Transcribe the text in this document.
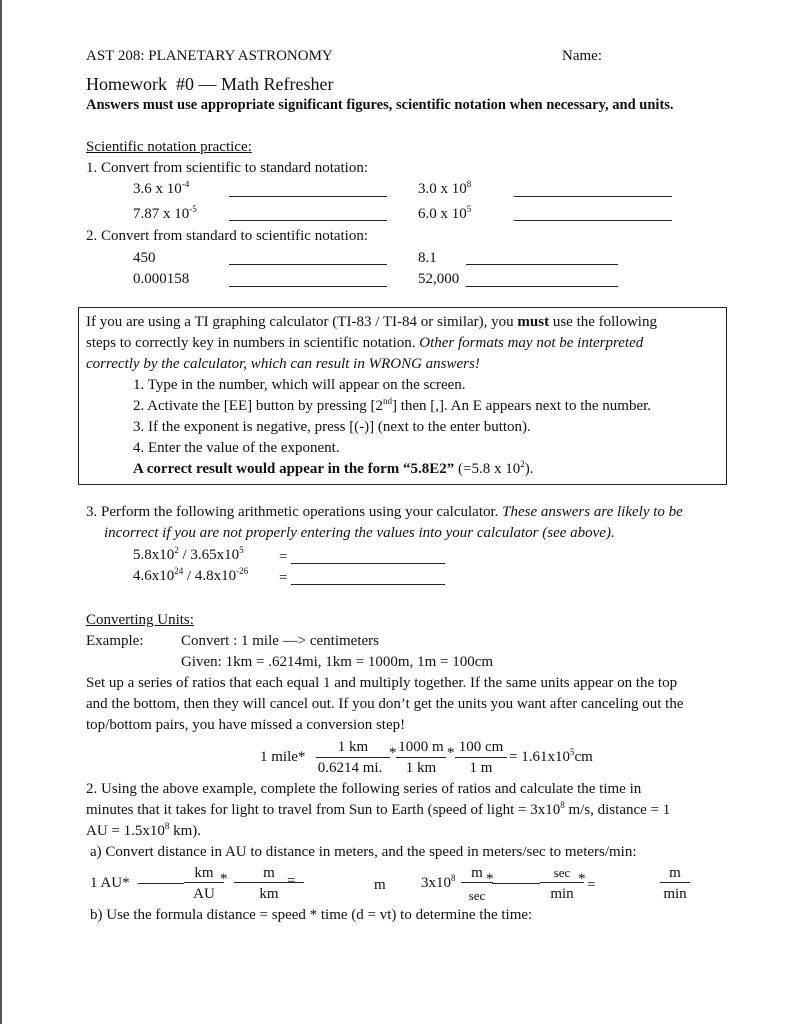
AST 208: PLANETARY ASTRONOMY	Name:
Homework  #0 — Math Refresher
Answers must use appropriate significant figures, scientific notation when necessary, and units.
Scientific notation practice:
1. Convert from scientific to standard notation:
3.6 x $10^{-4}$	3.0 x $10^8$
7.87 x $10^{-5}$	6.0 x $10^5$
2. Convert from standard to scientific notation:
450	8.1
0.000158	52,000
If you are using a TI graphing calculator (TI-83 / TI-84 or similar), you must use the following
steps to correctly key in numbers in scientific notation. Other formats may not be interpreted
correctly by the calculator, which can result in WRONG answers!
1. Type in the number, which will appear on the screen.
2. Activate the [EE] button by pressing [2nd] then [,]. An E appears next to the number.
3. If the exponent is negative, press [(-)] (next to the enter button).
4. Enter the value of the exponent.
A correct result would appear in the form “5.8E2” (=5.8 x $10^2$).
3. Perform the following arithmetic operations using your calculator. These answers are likely to be
incorrect if you are not properly entering the values into your calculator (see above).
$5.8x10^2 / 3.65x10^5$ =
$4.6x10^{24} / 4.8x10^{-26}$ =
Converting Units:
Example:	Convert : 1 mile —> centimeters
Given: 1km = .6214mi, 1km = 1000m, 1m = 100cm
Set up a series of ratios that each equal 1 and multiply together. If the same units appear on the top
and the bottom, then they will cancel out. If you don’t get the units you want after canceling out the
top/bottom pairs, you have missed a conversion step!
1 mile*
1 km
0.6214 mi.
* 1000 m
1 km
* 100 cm
1 m
= $1.61x10^5cm$
2. Using the above example, complete the following series of ratios and calculate the time in
minutes that it takes for light to travel from Sun to Earth (speed of light = $3x10^8$ m/s, distance = 1
AU = $1.5x10^8$ km).
a) Convert distance in AU to distance in meters, and the speed in meters/sec to meters/min:
1 AU*
km
AU
*	m
km
=	m $3x10^8$	m
sec
*	sec
min
* =
m
min
b) Use the formula distance = speed * time (d = vt) to determine the time:
